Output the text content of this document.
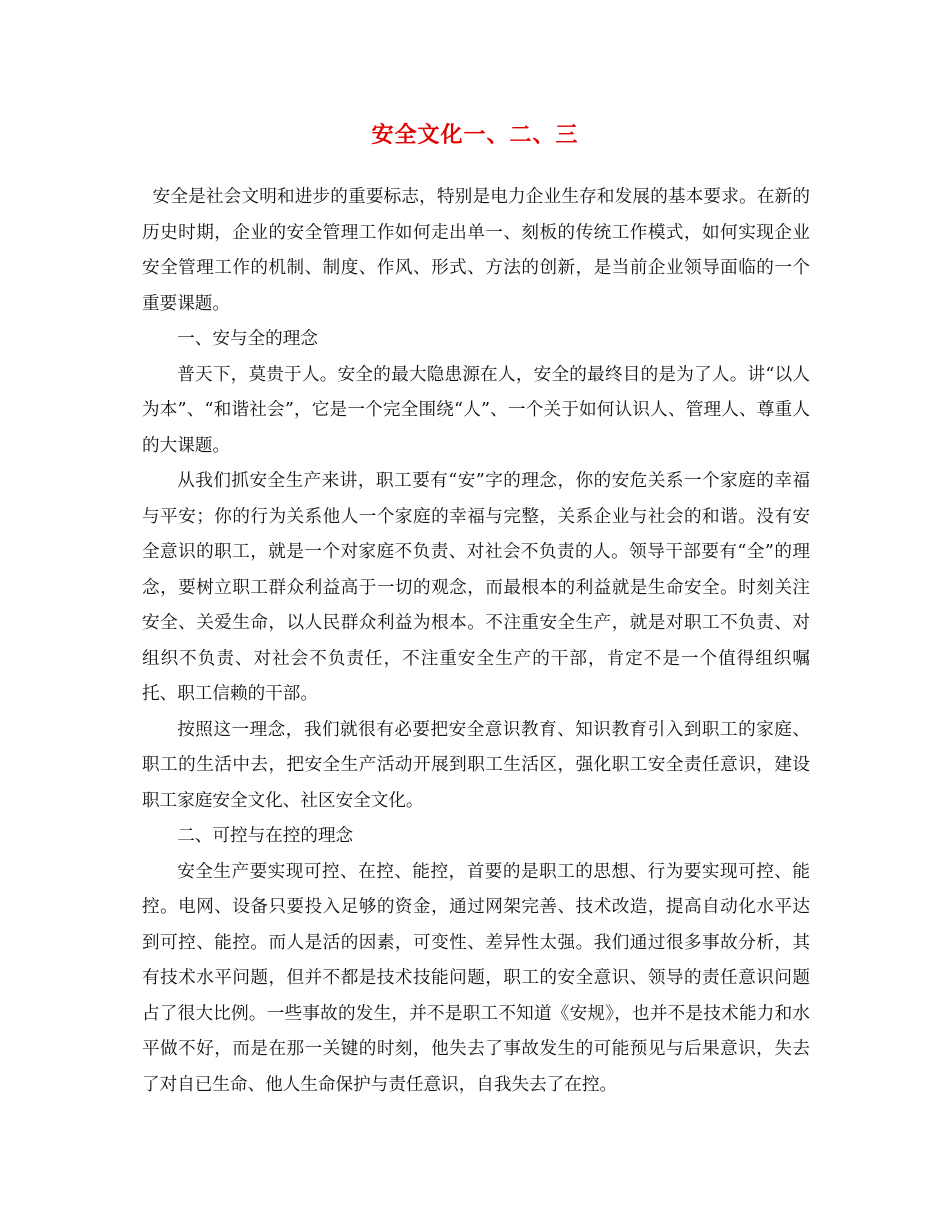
安全文化一、二、三

安全是社会文明和进步的重要标志，特别是电力企业生存和发展的基本要求。在新的历史时期，企业的安全管理工作如何走出单一、刻板的传统工作模式，如何实现企业安全管理工作的机制、制度、作风、形式、方法的创新，是当前企业领导面临的一个重要课题。

一、安与全的理念

普天下，莫贵于人。安全的最大隐患源在人，安全的最终目的是为了人。讲“以人为本”、“和谐社会”，它是一个完全围绕“人”、一个关于如何认识人、管理人、尊重人的大课题。

从我们抓安全生产来讲，职工要有“安”字的理念，你的安危关系一个家庭的幸福与平安；你的行为关系他人一个家庭的幸福与完整，关系企业与社会的和谐。没有安全意识的职工，就是一个对家庭不负责、对社会不负责的人。领导干部要有“全”的理念，要树立职工群众利益高于一切的观念，而最根本的利益就是生命安全。时刻关注安全、关爱生命，以人民群众利益为根本。不注重安全生产，就是对职工不负责、对组织不负责、对社会不负责任，不注重安全生产的干部，肯定不是一个值得组织嘱托、职工信赖的干部。

按照这一理念，我们就很有必要把安全意识教育、知识教育引入到职工的家庭、职工的生活中去，把安全生产活动开展到职工生活区，强化职工安全责任意识，建设职工家庭安全文化、社区安全文化。

二、可控与在控的理念

安全生产要实现可控、在控、能控，首要的是职工的思想、行为要实现可控、能控。电网、设备只要投入足够的资金，通过网架完善、技术改造，提高自动化水平达到可控、能控。而人是活的因素，可变性、差异性太强。我们通过很多事故分析，其有技术水平问题，但并不都是技术技能问题，职工的安全意识、领导的责任意识问题占了很大比例。一些事故的发生，并不是职工不知道《安规》，也并不是技术能力和水平做不好，而是在那一关键的时刻，他失去了事故发生的可能预见与后果意识，失去了对自已生命、他人生命保护与责任意识，自我失去了在控。
